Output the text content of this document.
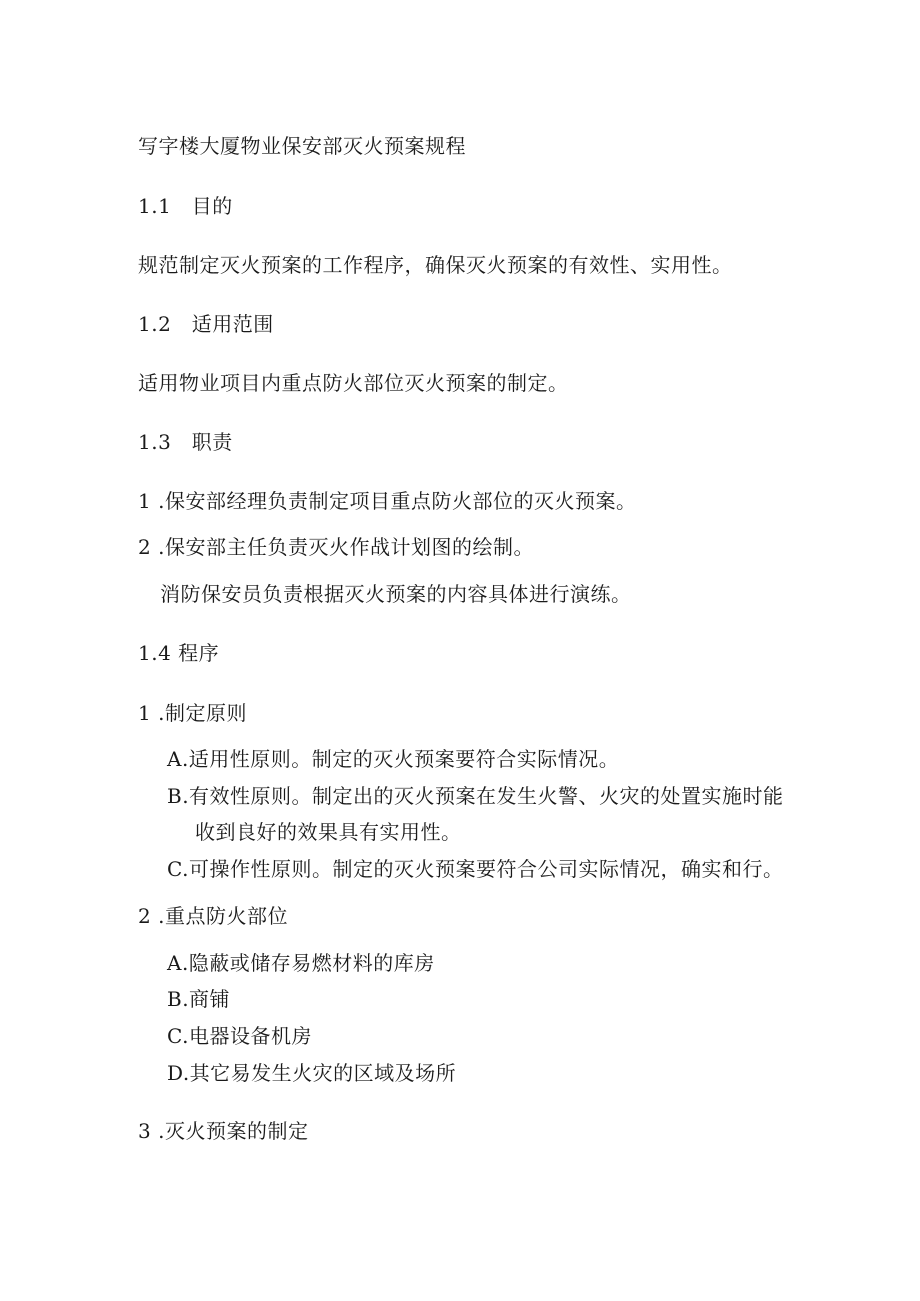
写字楼大厦物业保安部灭火预案规程
1.1　目的
规范制定灭火预案的工作程序，确保灭火预案的有效性、实用性。
1.2　适用范围
适用物业项目内重点防火部位灭火预案的制定。
1.3　职责
1 .保安部经理负责制定项目重点防火部位的灭火预案。
2 .保安部主任负责灭火作战计划图的绘制。
消防保安员负责根据灭火预案的内容具体进行演练。
1.4 程序
1 .制定原则
A.适用性原则。制定的灭火预案要符合实际情况。
B.有效性原则。制定出的灭火预案在发生火警、火灾的处置实施时能
收到良好的效果具有实用性。
C.可操作性原则。制定的灭火预案要符合公司实际情况，确实和行。
2 .重点防火部位
A.隐蔽或储存易燃材料的库房
B.商铺
C.电器设备机房
D.其它易发生火灾的区域及场所
3 .灭火预案的制定
